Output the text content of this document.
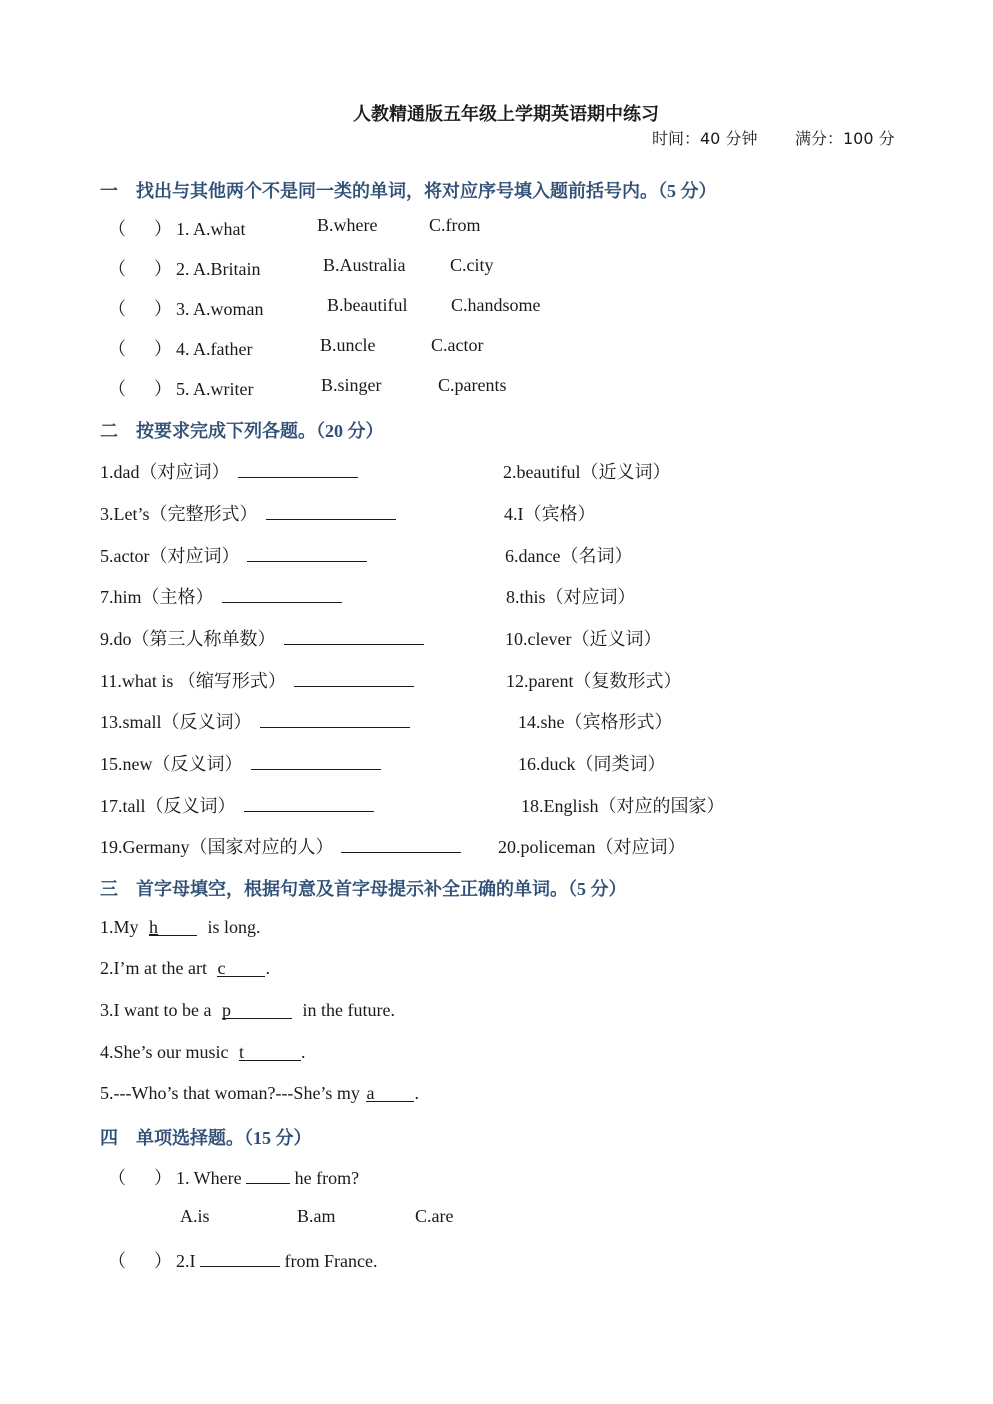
人教精通版五年级上学期英语期中练习
时间：40 分钟 满分：100 分
一　找出与其他两个不是同一类的单词，将对应序号填入题前括号内。（5 分）
（ ） 1. A.what	B.where	C.from
（ ） 2. A.Britain	B.Australia C.city
（ ） 3. A.woman	B.beautiful C.handsome
（ ） 4. A.father	B.uncle	C.actor
（ ） 5. A.writer	B.singer	C.parents
二　按要求完成下列各题。（20 分）
1.dad（对应词）	2.beautiful（近义词）
3.Let’s（完整形式）	4.I（宾格）
5.actor（对应词）	6.dance（名词）
7.him（主格）	8.this（对应词）
9.do（第三人称单数）	10.clever（近义词）
11.what is （缩写形式）	12.parent（复数形式）
13.small（反义词）	14.she（宾格形式）
15.new（反义词）	16.duck（同类词）
17.tall（反义词）	18.English（对应的国家）
19.Germany（国家对应的人）	20.policeman（对应词）
三　首字母填空，根据句意及首字母提示补全正确的单词。（5 分）
1.My h	is long.
2.I’m at the art c .
3.I want to be a p	in the future.
4.She’s our music t	.
5.---Who’s that woman?---She’s my a .
四　单项选择题。（15 分）
（ ） 1. Where	he from?
A.is	B.am	C.are
（ ） 2.I	from France.
